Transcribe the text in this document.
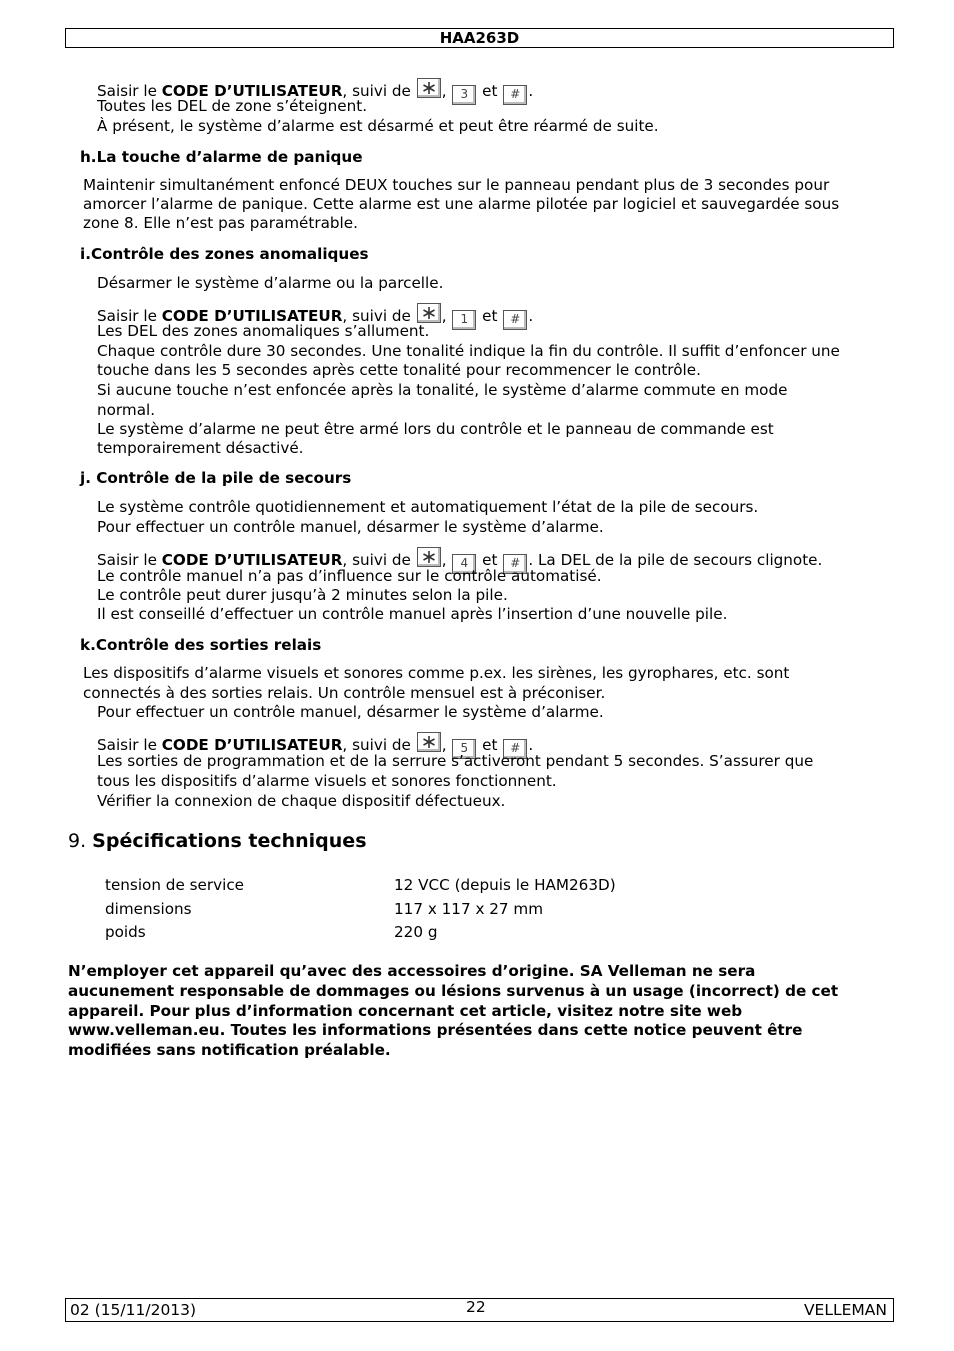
HAA263D
Saisir le CODE D’UTILISATEUR, suivi de
, 3 et # .
Toutes les DEL de zone s’éteignent.
À présent, le système d’alarme est désarmé et peut être réarmé de suite.
h.La touche d’alarme de panique
Maintenir simultanément enfoncé DEUX touches sur le panneau pendant plus de 3 secondes pour
amorcer l’alarme de panique. Cette alarme est une alarme pilotée par logiciel et sauvegardée sous
zone 8. Elle n’est pas paramétrable.
i.Contrôle des zones anomaliques
Désarmer le système d’alarme ou la parcelle.
Saisir le CODE D’UTILISATEUR, suivi de
, 1 et # .
Les DEL des zones anomaliques s’allument.
Chaque contrôle dure 30 secondes. Une tonalité indique la fin du contrôle. Il suffit d’enfoncer une
touche dans les 5 secondes après cette tonalité pour recommencer le contrôle.
Si aucune touche n’est enfoncée après la tonalité, le système d’alarme commute en mode
normal.
Le système d’alarme ne peut être armé lors du contrôle et le panneau de commande est
temporairement désactivé.
j. Contrôle de la pile de secours
Le système contrôle quotidiennement et automatiquement l’état de la pile de secours.
Pour effectuer un contrôle manuel, désarmer le système d’alarme.
Saisir le CODE D’UTILISATEUR, suivi de
, 4 et # . La DEL de la pile de secours clignote.
Le contrôle manuel n’a pas d’influence sur le contrôle automatisé.
Le contrôle peut durer jusqu’à 2 minutes selon la pile.
Il est conseillé d’effectuer un contrôle manuel après l’insertion d’une nouvelle pile.
k.Contrôle des sorties relais
Les dispositifs d’alarme visuels et sonores comme p.ex. les sirènes, les gyrophares, etc. sont
connectés à des sorties relais. Un contrôle mensuel est à préconiser.
Pour effectuer un contrôle manuel, désarmer le système d’alarme.
Saisir le CODE D’UTILISATEUR, suivi de
, 5 et # .
Les sorties de programmation et de la serrure s’activeront pendant 5 secondes. S’assurer que
tous les dispositifs d’alarme visuels et sonores fonctionnent.
Vérifier la connexion de chaque dispositif défectueux.
9. Spécifications techniques
tension de service	12 VCC (depuis le HAM263D)
dimensions	117 x 117 x 27 mm
poids	220 g
N’employer cet appareil qu’avec des accessoires d’origine. SA Velleman ne sera
aucunement responsable de dommages ou lésions survenus à un usage (incorrect) de cet
appareil. Pour plus d’information concernant cet article, visitez notre site web
www.velleman.eu. Toutes les informations présentées dans cette notice peuvent être
modifiées sans notification préalable.
02 (15/11/2013)	VELLEMAN
22
